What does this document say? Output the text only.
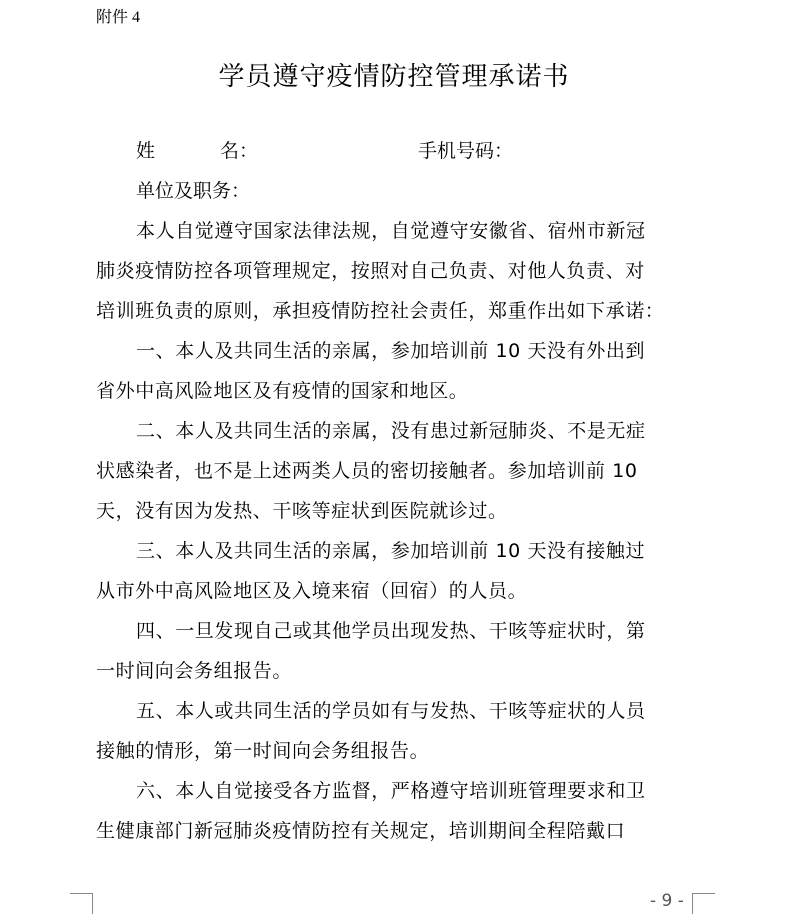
附件 4
学员遵守疫情防控管理承诺书
姓	名：	手机号码：
单位及职务：
本人自觉遵守国家法律法规，自觉遵守安徽省、宿州市新冠
肺炎疫情防控各项管理规定，按照对自己负责、对他人负责、对
培训班负责的原则，承担疫情防控社会责任，郑重作出如下承诺：
一、本人及共同生活的亲属，参加培训前 10 天没有外出到
省外中高风险地区及有疫情的国家和地区。
二、本人及共同生活的亲属，没有患过新冠肺炎、不是无症
状感染者，也不是上述两类人员的密切接触者。参加培训前 10
天，没有因为发热、干咳等症状到医院就诊过。
三、本人及共同生活的亲属，参加培训前 10 天没有接触过
从市外中高风险地区及入境来宿（回宿）的人员。
四、一旦发现自己或其他学员出现发热、干咳等症状时，第
一时间向会务组报告。
五、本人或共同生活的学员如有与发热、干咳等症状的人员
接触的情形，第一时间向会务组报告。
六、本人自觉接受各方监督，严格遵守培训班管理要求和卫
生健康部门新冠肺炎疫情防控有关规定，培训期间全程陪戴口
- 9 -
